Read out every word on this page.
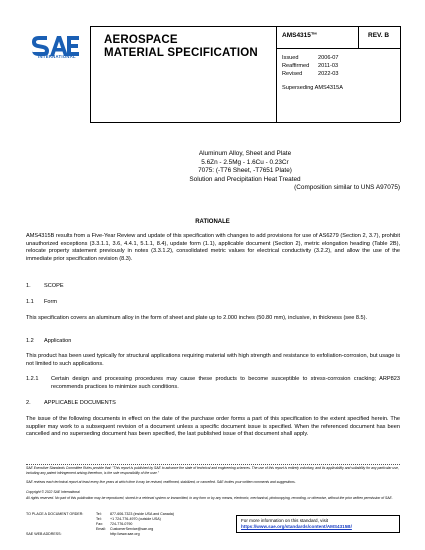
INTERNATIONAL
AEROSPACE
MATERIAL SPECIFICATION
AMS4315™	REV. B
Issued	2006-07
Reaffirmed	2011-03
Revised	2022-03
Superseding AMS4315A
Aluminum Alloy, Sheet and Plate
5.6Zn - 2.5Mg - 1.6Cu - 0.23Cr
7075: (-T76 Sheet, -T7651 Plate)
Solution and Precipitation Heat Treated
(Composition similar to UNS A97075)
RATIONALE
AMS4315B results from a Five-Year Review and update of this specification with changes to add provisions for use of AS6279 (Section 2, 3.7), prohibit unauthorized exceptions (3.3.1.1, 3.6, 4.4.1, 5.1.1, 8.4), update form (1.1), applicable document (Section 2), metric elongation heading (Table 2B), relocate property statement previously in notes (3.3.1.2), consolidated metric values for electrical conductivity (3.2.2), and allow the use of the immediate prior specification revision (8.3).
1. SCOPE
1.1 Form
This specification covers an aluminum alloy in the form of sheet and plate up to 2.000 inches (50.80 mm), inclusive, in thickness (see 8.5).
1.2 Application
This product has been used typically for structural applications requiring material with high strength and resistance to exfoliation-corrosion, but usage is not limited to such applications.
1.2.1 Certain design and processing procedures may cause these products to become susceptible to stress-corrosion cracking; ARP823 recommends practices to minimize such conditions.
2. APPLICABLE DOCUMENTS
The issue of the following documents in effect on the date of the purchase order forms a part of this specification to the extent specified herein. The supplier may work to a subsequent revision of a document unless a specific document issue is specified. When the referenced document has been cancelled and no superseding document has been specified, the last published issue of that document shall apply.
SAE Executive Standards Committee Rules provide that: "This report is published by SAE to advance the state of technical and engineering sciences. The use of this report is entirely voluntary, and its applicability and suitability for any particular use, including any patent infringement arising therefrom, is the sole responsibility of the user."
SAE reviews each technical report at least every five years at which time it may be revised, reaffirmed, stabilized, or cancelled. SAE invites your written comments and suggestions.
Copyright © 2022 SAE International
All rights reserved. No part of this publication may be reproduced, stored in a retrieval system or transmitted, in any form or by any means, electronic, mechanical, photocopying, recording, or otherwise, without the prior written permission of SAE.
TO PLACE A DOCUMENT ORDER:	Tel:	877-606-7323 (inside USA and Canada)
Tel:	+1 724-776-4970 (outside USA)
Fax:	724-776-0790
Email:	CustomerService@sae.org
SAE WEB ADDRESS:	http://www.sae.org
For more information on this standard, visit
https://www.sae.org/standards/content/AMS4315B/
